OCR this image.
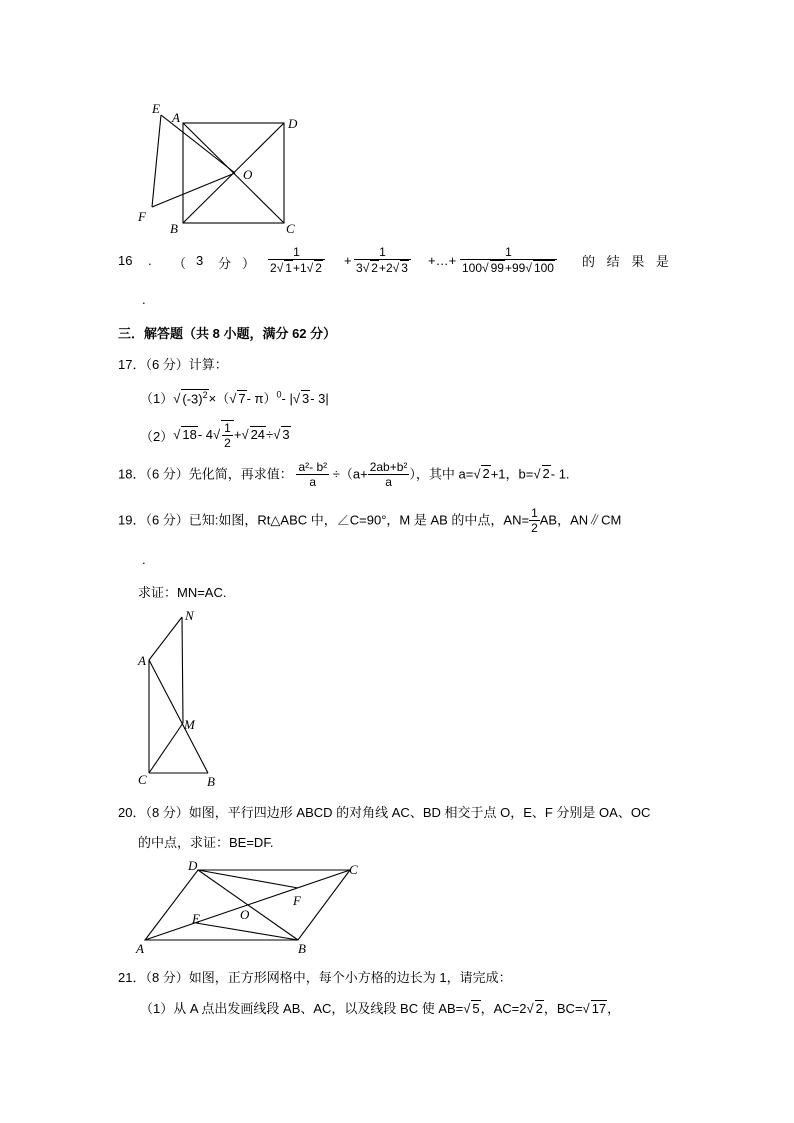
E
A	D
O
F
B	C
16 . （ 3 分 ） $\frac{1}{2√ 1+1√ 2} + \frac{1}{3√ 2+2√ 3}$ +…+ $\frac{1}{100√ 99+99√ 100}$ 的 结 果 是
.
三．解答题（共 8 小题，满分 62 分）
17．（6 分）计算：
（1）√ $(-3)^2\times(√$ 7- π）$^0$- |√ 3- 3|
（2）√ 18- $4√ \frac{1}{2}$ +√ 24÷√ 3
18．（6 分）先化简，再求值： $\frac{\text{a²- b²}}{a} \div(a+ \frac{\text{2ab+b²}}{a}$ ），其中 a=√ 2+1，b=√ 2- 1.
19．（6 分）已知:如图，Rt△ABC 中，∠C=90°，M 是 AB 的中点，$AN= \frac{1}{2}$ AB，AN∥CM
.
求证：MN=AC.
N
A
M
C	B
20．（8 分）如图，平行四边形 ABCD 的对角线 AC、BD 相交于点 O，E、F 分别是 OA、OC
的中点，求证：BE=DF.
D	C
F
E	O
A	B
21．（8 分）如图，正方形网格中，每个小方格的边长为 1，请完成：
（1）从 A 点出发画线段 AB、AC，以及线段 BC 使 AB=√ 5，AC=2√ 2，BC=√ 17，
